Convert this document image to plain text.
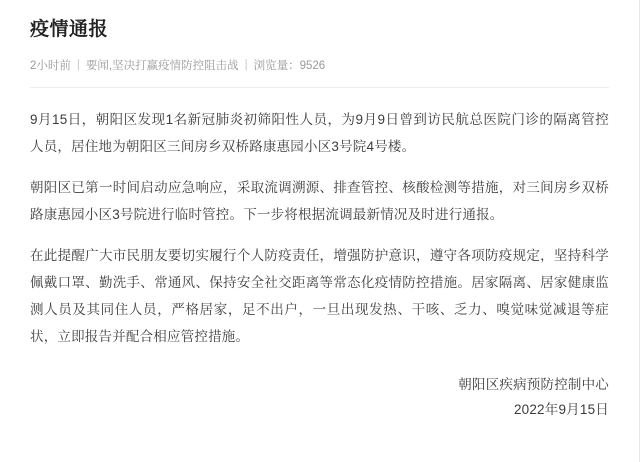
疫情通报
2小时前 | 要闻,坚决打赢疫情防控阻击战 | 浏览量：9526

9月15日，朝阳区发现1名新冠肺炎初筛阳性人员，为9月9日曾到访民航总医院门诊的隔离管控人员，居住地为朝阳区三间房乡双桥路康惠园小区3号院4号楼。

朝阳区已第一时间启动应急响应，采取流调溯源、排查管控、核酸检测等措施，对三间房乡双桥路康惠园小区3号院进行临时管控。下一步将根据流调最新情况及时进行通报。

在此提醒广大市民朋友要切实履行个人防疫责任，增强防护意识，遵守各项防疫规定，坚持科学佩戴口罩、勤洗手、常通风、保持安全社交距离等常态化疫情防控措施。居家隔离、居家健康监测人员及其同住人员，严格居家，足不出户，一旦出现发热、干咳、乏力、嗅觉味觉减退等症状，立即报告并配合相应管控措施。

朝阳区疾病预防控制中心
2022年9月15日
